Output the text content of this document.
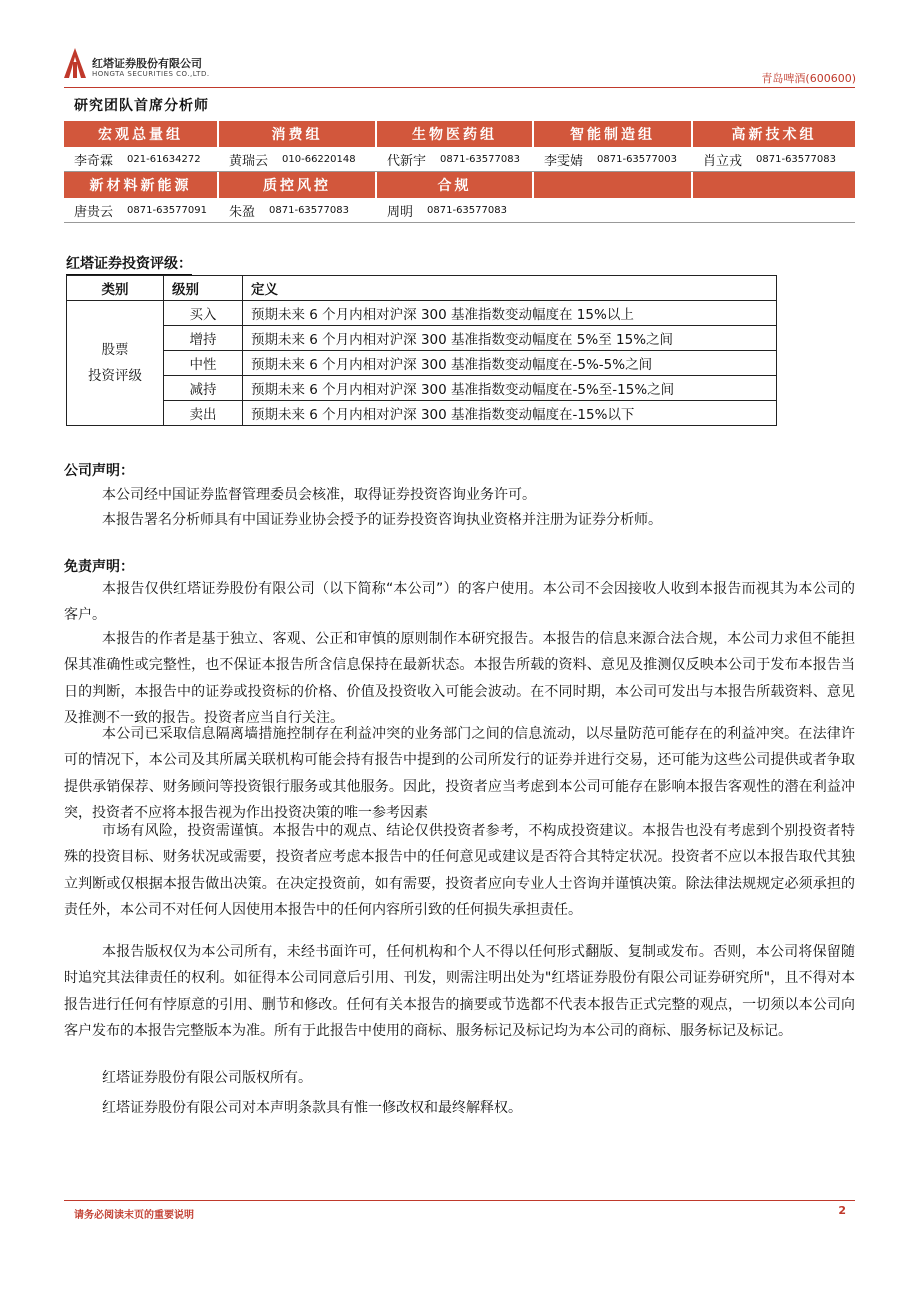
红塔证券股份有限公司
HONGTA SECURITIES CO.,LTD.	青岛啤酒(600600)
研究团队首席分析师
宏观总量组	消费组	生物医药组	智能制造组	高新技术组
李奇霖 021-61634272 黄瑞云 010-66220148 代新宇 0871-63577083 李雯婧 0871-63577003 肖立戎 0871-63577083
新材料新能源	质控风控	合规
唐贵云 0871-63577091 朱盈 0871-63577083	周明 0871-63577083
红塔证券投资评级：
类别	级别	定义

股票
投资评级	买入	预期未来 6 个月内相对沪深 300 基准指数变动幅度在 15%以上
	增持	预期未来 6 个月内相对沪深 300 基准指数变动幅度在 5%至 15%之间
	中性	预期未来 6 个月内相对沪深 300 基准指数变动幅度在-5%-5%之间
	减持	预期未来 6 个月内相对沪深 300 基准指数变动幅度在-5%至-15%之间
	卖出	预期未来 6 个月内相对沪深 300 基准指数变动幅度在-15%以下
公司声明：
本公司经中国证券监督管理委员会核准，取得证券投资咨询业务许可。
本报告署名分析师具有中国证券业协会授予的证券投资咨询执业资格并注册为证券分析师。
免责声明：
本报告仅供红塔证券股份有限公司（以下简称“本公司”）的客户使用。本公司不会因接收人收到本报告而视其为本公司的客户。
本报告的作者是基于独立、客观、公正和审慎的原则制作本研究报告。本报告的信息来源合法合规，本公司力求但不能担保其准确性或完整性，也不保证本报告所含信息保持在最新状态。本报告所载的资料、意见及推测仅反映本公司于发布本报告当日的判断，本报告中的证券或投资标的价格、价值及投资收入可能会波动。在不同时期，本公司可发出与本报告所载资料、意见及推测不一致的报告。投资者应当自行关注。
本公司已采取信息隔离墙措施控制存在利益冲突的业务部门之间的信息流动，以尽量防范可能存在的利益冲突。在法律许可的情况下，本公司及其所属关联机构可能会持有报告中提到的公司所发行的证券并进行交易，还可能为这些公司提供或者争取提供承销保荐、财务顾问等投资银行服务或其他服务。因此，投资者应当考虑到本公司可能存在影响本报告客观性的潜在利益冲突，投资者不应将本报告视为作出投资决策的唯一参考因素
市场有风险，投资需谨慎。本报告中的观点、结论仅供投资者参考，不构成投资建议。本报告也没有考虑到个别投资者特殊的投资目标、财务状况或需要，投资者应考虑本报告中的任何意见或建议是否符合其特定状况。投资者不应以本报告取代其独立判断或仅根据本报告做出决策。在决定投资前，如有需要，投资者应向专业人士咨询并谨慎决策。除法律法规规定必须承担的责任外，本公司不对任何人因使用本报告中的任何内容所引致的任何损失承担责任。
本报告版权仅为本公司所有，未经书面许可，任何机构和个人不得以任何形式翻版、复制或发布。否则，本公司将保留随时追究其法律责任的权利。如征得本公司同意后引用、刊发，则需注明出处为"红塔证券股份有限公司证券研究所"，且不得对本报告进行任何有悖原意的引用、删节和修改。任何有关本报告的摘要或节选都不代表本报告正式完整的观点，一切须以本公司向客户发布的本报告完整版本为准。所有于此报告中使用的商标、服务标记及标记均为本公司的商标、服务标记及标记。
红塔证券股份有限公司版权所有。
红塔证券股份有限公司对本声明条款具有惟一修改权和最终解释权。
请务必阅读末页的重要说明	2
